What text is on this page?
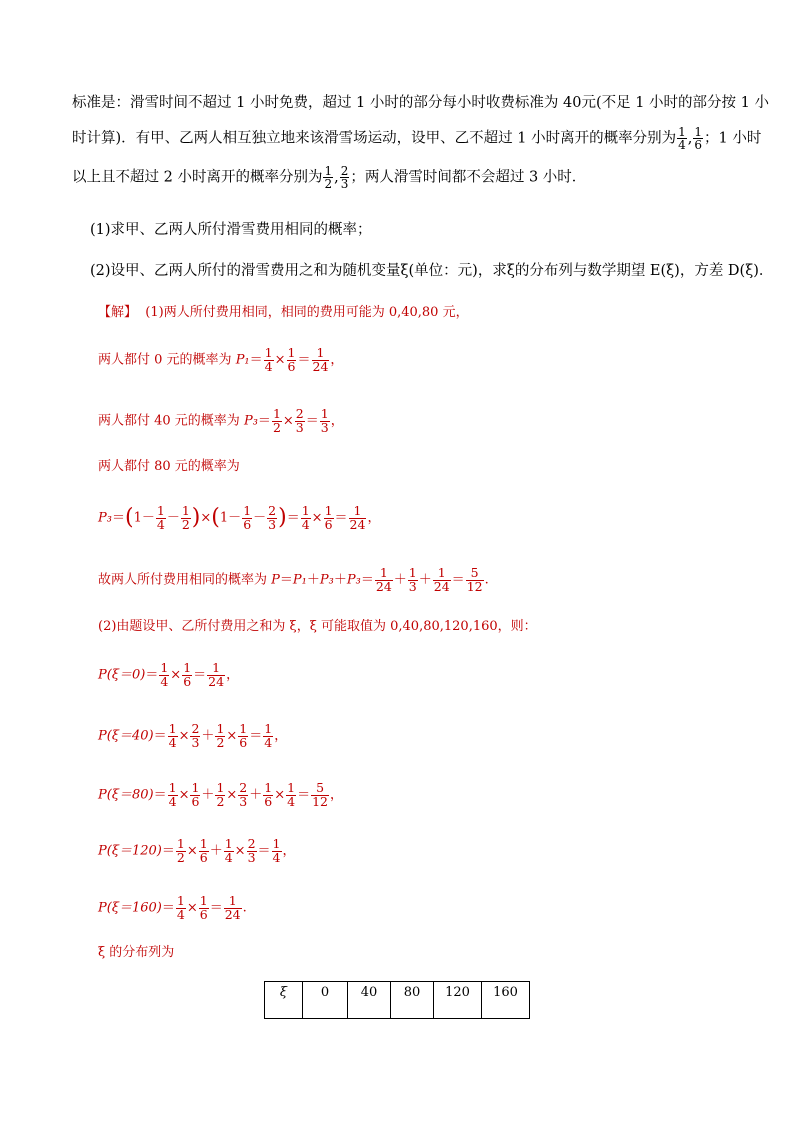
标准是：滑雪时间不超过 1 小时免费，超过 1 小时的部分每小时收费标准为 40元(不足 1 小时的部分按 1 小
时计算)．有甲、乙两人相互独立地来该滑雪场运动，设甲、乙不超过 1 小时离开的概率分别为 $\frac{1}{4}$ , $\frac{1}{6}$ ；1 小时
以上且不超过 2 小时离开的概率分别为 $\frac{1}{2}$ , $\frac{2}{3}$ ；两人滑雪时间都不会超过 3 小时．
(1)求甲、乙两人所付滑雪费用相同的概率；
(2)设甲、乙两人所付的滑雪费用之和为随机变量ξ(单位：元)，求ξ的分布列与数学期望 E(ξ)，方差 D(ξ)．
【解】 (1)两人所付费用相同，相同的费用可能为 0,40,80 元，
两人都付 0 元的概率为 $P_1= \frac{1}{4} \times \frac{1}{6} = \frac{1}{24}$ ，
两人都付 40 元的概率为 $P_3= \frac{1}{2} \times \frac{2}{3} = \frac{1}{3}$ ，
两人都付 80 元的概率为
$P_3=(1- \frac{1}{4} - \frac{1}{2} )\times(1- \frac{1}{6} - \frac{2}{3}$ )＝ $\frac{1}{4} \times \frac{1}{6} = \frac{1}{24}$ ，
故两人所付费用相同的概率为 $P=P_1+P_3+P_3= \frac{1}{24} + \frac{1}{3} + \frac{1}{24} = \frac{5}{12}$ .
(2)由题设甲、乙所付费用之和为 ξ，ξ 可能取值为 0,40,80,120,160，则：
$P(\xi=0)= \frac{1}{4} \times \frac{1}{6} = \frac{1}{24}$ ，
$P(\xi=40)= \frac{1}{4} \times \frac{2}{3} + \frac{1}{2} \times \frac{1}{6} = \frac{1}{4}$ ，
$P(\xi=80)= \frac{1}{4} \times \frac{1}{6} + \frac{1}{2} \times \frac{2}{3} + \frac{1}{6} \times \frac{1}{4} = \frac{5}{12}$ ，
$P(\xi=120)= \frac{1}{2} \times \frac{1}{6} + \frac{1}{4} \times \frac{2}{3} = \frac{1}{4}$ ，
$P(\xi=160)= \frac{1}{4} \times \frac{1}{6} = \frac{1}{24}$ .
ξ 的分布列为
ξ	0	40	80	120	160
